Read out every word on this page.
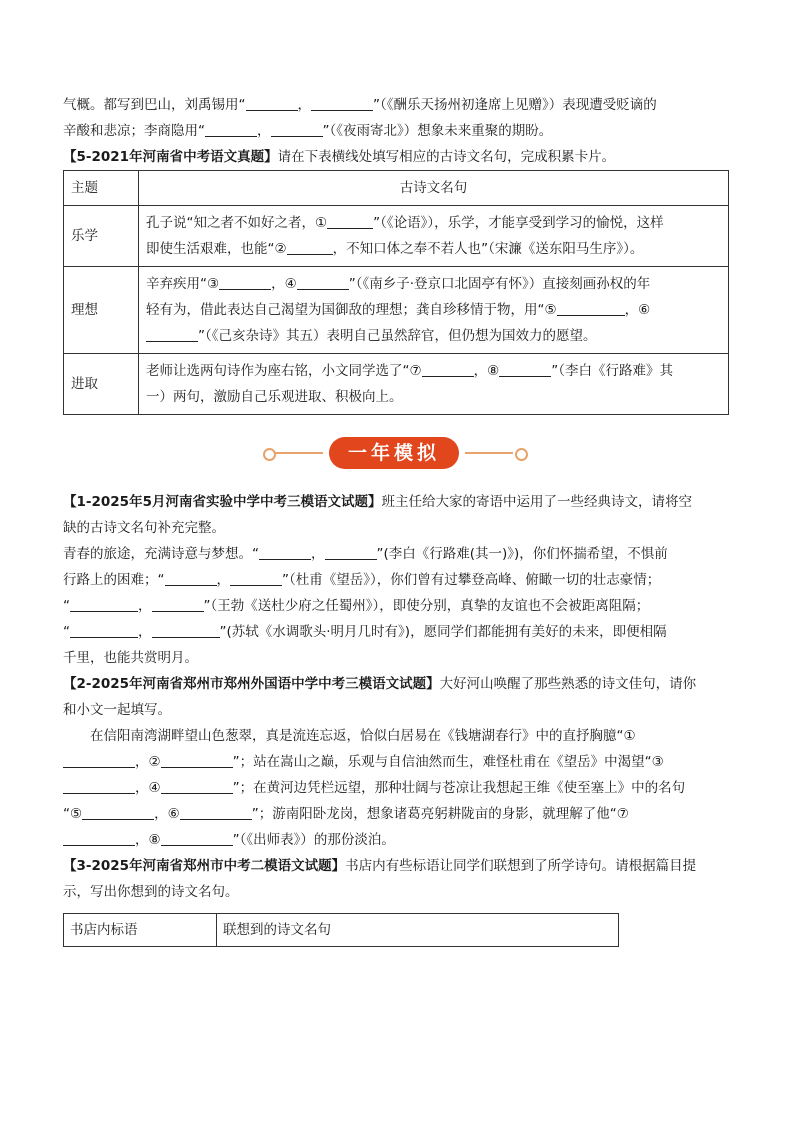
气概。都写到巴山，刘禹锡用“	，	”（《酬乐天扬州初逢席上见赠》）表现遭受贬谪的

辛酸和悲凉；李商隐用“	，	”（《夜雨寄北》）想象未来重聚的期盼。

【5-2021年河南省中考语文真题】请在下表横线处填写相应的古诗文名句，完成积累卡片。

主题	古诗文名句
乐学	孔子说“知之者不如好之者，① ”（《论语》），乐学，才能享受到学习的愉悦，这样
即使生活艰难，也能“② ，不知口体之奉不若人也”（宋濂《送东阳马生序》）。
理想	辛弃疾用“③ ，④ ”（《南乡子·登京口北固亭有怀》）直接刻画孙权的年
轻有为，借此表达自己渴望为国御敌的理想；龚自珍移情于物，用“⑤ ，⑥
”（《己亥杂诗》其五）表明自己虽然辞官，但仍想为国效力的愿望。
进取	老师让选两句诗作为座右铭，小文同学选了“⑦ ，⑧ ”（李白《行路难》其
一）两句，激励自己乐观进取、积极向上。
一年模拟

【1-2025年5月河南省实验中学中考三模语文试题】班主任给大家的寄语中运用了一些经典诗文，请将空

缺的古诗文名句补充完整。

青春的旅途，充满诗意与梦想。“	，	”(李白《行路难(其一)》)，你们怀揣希望，不惧前

行路上的困难；“	，	”（杜甫《望岳》），你们曾有过攀登高峰、俯瞰一切的壮志豪情；

“	，	”（王勃《送杜少府之任蜀州》），即使分别，真挚的友谊也不会被距离阻隔；

“	，	”(苏轼《水调歌头·明月几时有》)，愿同学们都能拥有美好的未来，即便相隔

千里，也能共赏明月。

【2-2025年河南省郑州市郑州外国语中学中考三模语文试题】大好河山唤醒了那些熟悉的诗文佳句，请你

和小文一起填写。

在信阳南湾湖畔望山色葱翠，真是流连忘返，恰似白居易在《钱塘湖春行》中的直抒胸臆“①

，②	”；站在嵩山之巅，乐观与自信油然而生，难怪杜甫在《望岳》中渴望“③

，④	”；在黄河边凭栏远望，那种壮阔与苍凉让我想起王维《使至塞上》中的名句

“⑤	，⑥	”；游南阳卧龙岗，想象诸葛亮躬耕陇亩的身影，就理解了他“⑦

，⑧	”（《出师表》）的那份淡泊。

【3-2025年河南省郑州市中考二模语文试题】书店内有些标语让同学们联想到了所学诗句。请根据篇目提

示，写出你想到的诗文名句。

书店内标语	联想到的诗文名句
